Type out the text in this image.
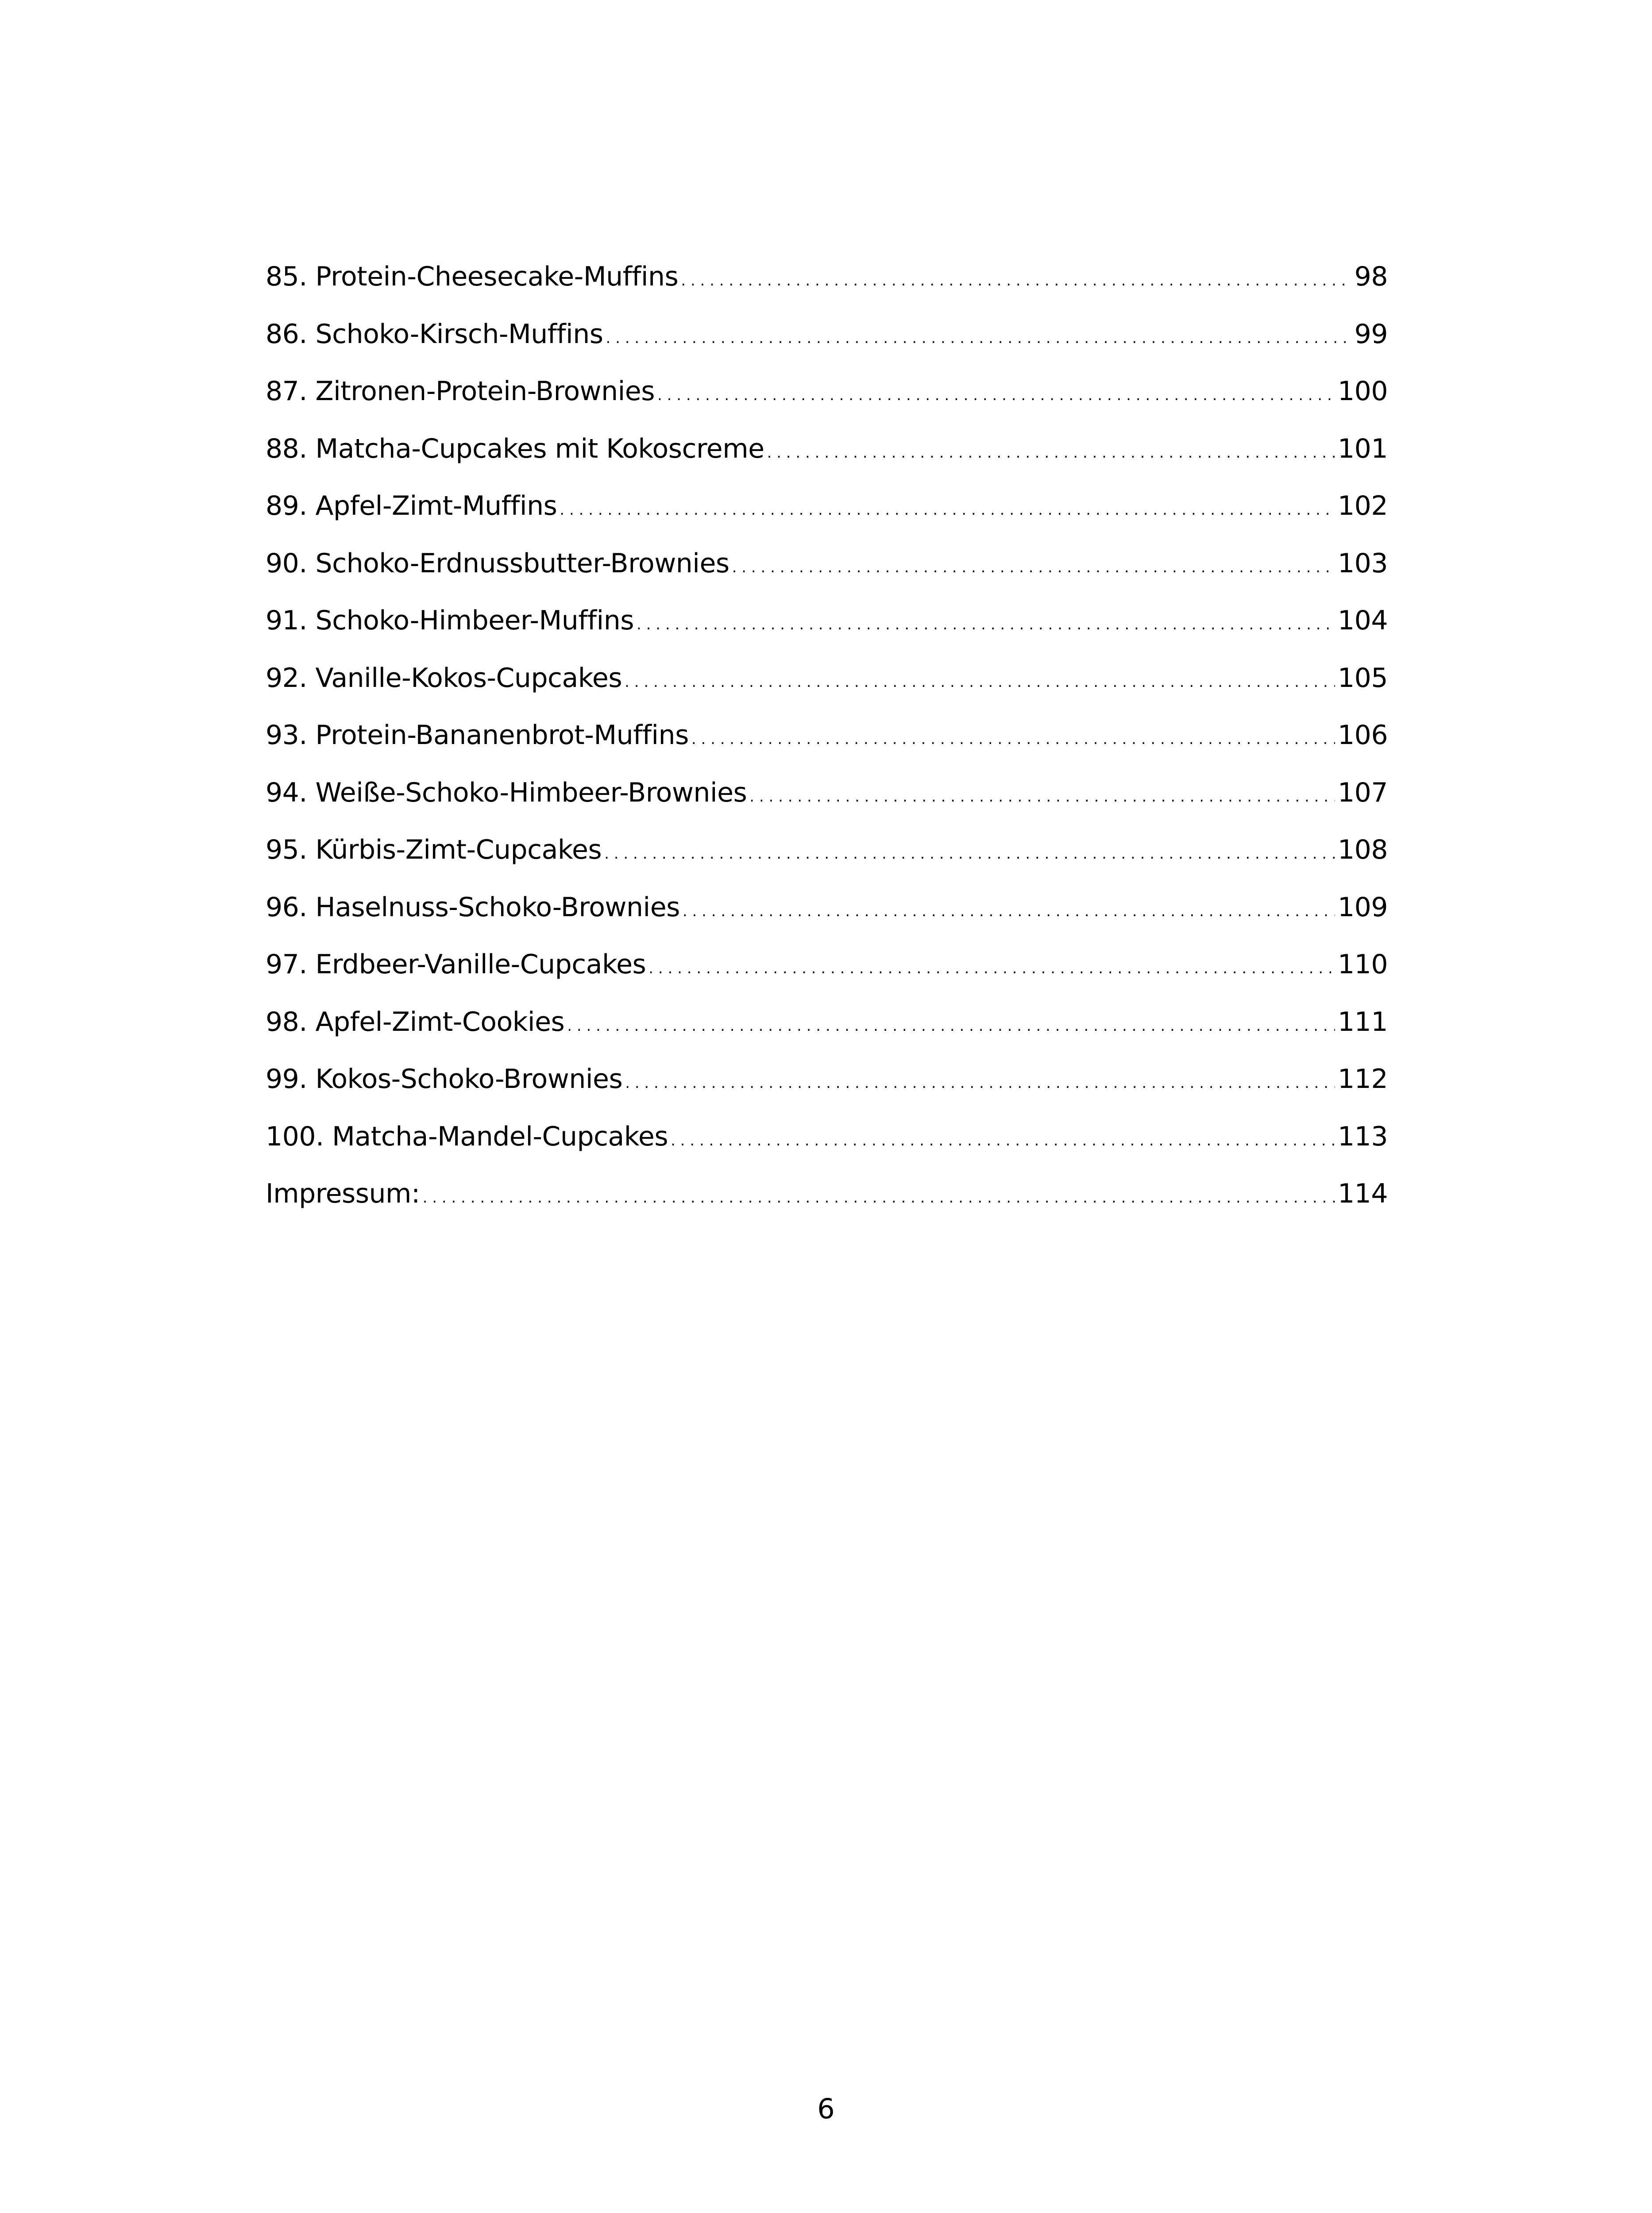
85. Protein-Cheesecake-Muffins . . .	98
86. Schoko-Kirsch-Muffins . . .	99
87. Zitronen-Protein-Brownies . . .	100
88. Matcha-Cupcakes mit Kokoscreme . . .	101
89. Apfel-Zimt-Muffins . . .	102
90. Schoko-Erdnussbutter-Brownies . . .	103
91. Schoko-Himbeer-Muffins . . .	104
92. Vanille-Kokos-Cupcakes . . .	105
93. Protein-Bananenbrot-Muffins . . .	106
94. Weiße-Schoko-Himbeer-Brownies . . .	107
95. Kürbis-Zimt-Cupcakes . . .	108
96. Haselnuss-Schoko-Brownies . . .	109
97. Erdbeer-Vanille-Cupcakes . . .	110
98. Apfel-Zimt-Cookies . . .	111
99. Kokos-Schoko-Brownies . . .	112
100. Matcha-Mandel-Cupcakes . . .	113
Impressum: . . .	114
6
